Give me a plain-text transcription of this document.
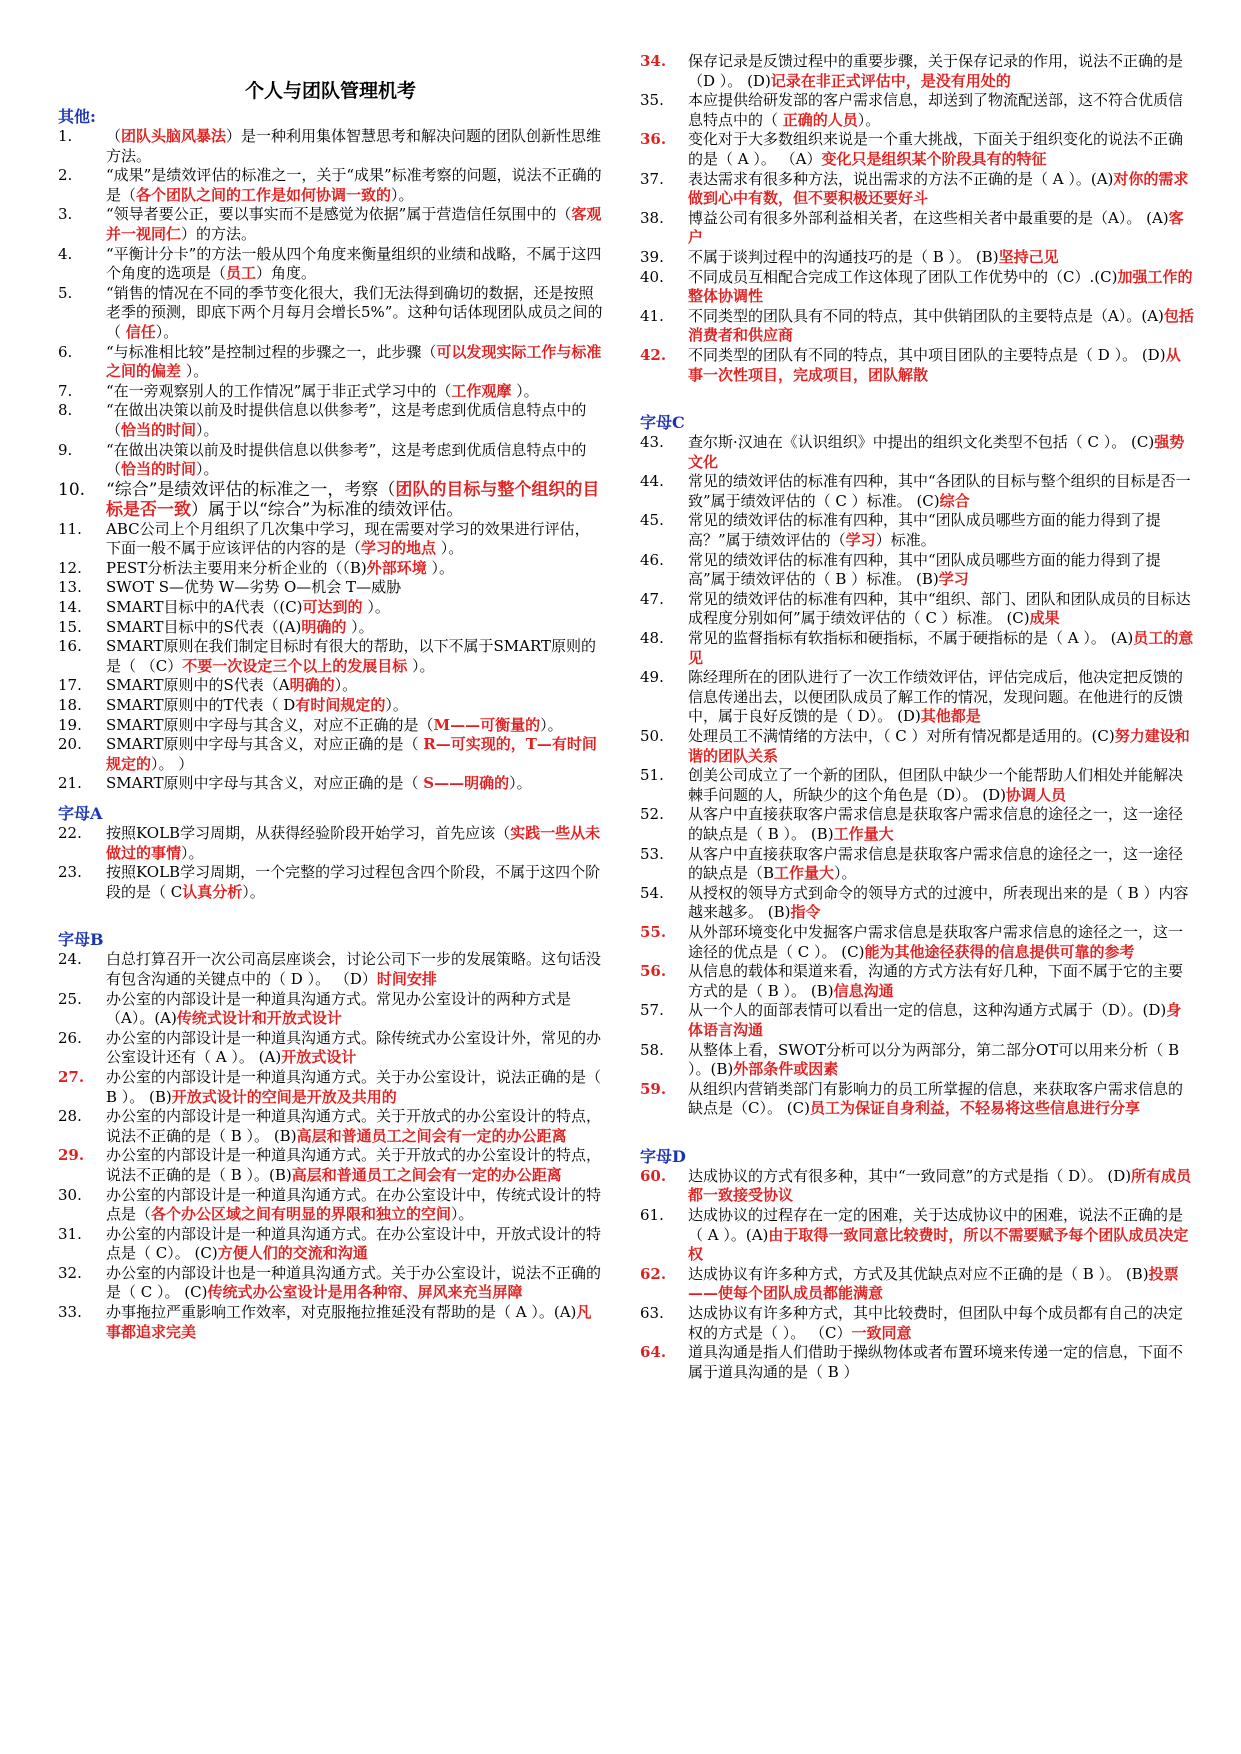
个人与团队管理机考
其他:
1. （团队头脑风暴法）是一种利用集体智慧思考和解决问题的团队创新性思维方法。
2. “成果”是绩效评估的标准之一，关于“成果”标准考察的问题，说法不正确的是（各个团队之间的工作是如何协调一致的）。
3. “领导者要公正，要以事实而不是感觉为依据”属于营造信任氛围中的（客观并一视同仁）的方法。
4. “平衡计分卡”的方法一般从四个角度来衡量组织的业绩和战略，不属于这四个角度的选项是（员工）角度。
5. “销售的情况在不同的季节变化很大，我们无法得到确切的数据，还是按照老季的预测，即底下两个月每月会增长5%”。这种句话体现团队成员之间的（ 信任）。
6. “与标准相比较”是控制过程的步骤之一，此步骤（可以发现实际工作与标准之间的偏差 ）。
7. “在一旁观察别人的工作情况”属于非正式学习中的（工作观摩 ）。
8. “在做出决策以前及时提供信息以供参考”，这是考虑到优质信息特点中的（恰当的时间）。
9. “在做出决策以前及时提供信息以供参考”，这是考虑到优质信息特点中的（恰当的时间）。
10. “综合”是绩效评估的标准之一，考察（团队的目标与整个组织的目标是否一致）属于以“综合”为标准的绩效评估。
11. ABC公司上个月组织了几次集中学习，现在需要对学习的效果进行评估，下面一般不属于应该评估的内容的是（学习的地点 ）。
12. PEST分析法主要用来分析企业的（（B)外部环境 ）。
13. SWOT S—优势 W—劣势 O—机会 T—威胁
14. SMART目标中的A代表（(C)可达到的 ）。
15. SMART目标中的S代表（(A)明确的 ）。
16. SMART原则在我们制定目标时有很大的帮助，以下不属于SMART原则的是（ （C）不要一次设定三个以上的发展目标 ）。
17. SMART原则中的S代表（A明确的）。
18. SMART原则中的T代表（ D有时间规定的）。
19. SMART原则中字母与其含义，对应不正确的是（M——可衡量的）。
20. SMART原则中字母与其含义，对应正确的是（ R—可实现的，T—有时间规定的）。 ）
21. SMART原则中字母与其含义，对应正确的是（ S——明确的）。
字母A
22. 按照KOLB学习周期，从获得经验阶段开始学习，首先应该（实践一些从未做过的事情）。
23. 按照KOLB学习周期，一个完整的学习过程包含四个阶段，不属于这四个阶段的是（ C认真分析）。
字母B
24. 白总打算召开一次公司高层座谈会，讨论公司下一步的发展策略。这句话没有包含沟通的关键点中的（ D ）。 （D）时间安排
25. 办公室的内部设计是一种道具沟通方式。常见办公室设计的两种方式是（A）。(A)传统式设计和开放式设计
26. 办公室的内部设计是一种道具沟通方式。除传统式办公室设计外，常见的办公室设计还有（ A ）。 (A)开放式设计
27. 办公室的内部设计是一种道具沟通方式。关于办公室设计，说法正确的是（ B ）。 (B)开放式设计的空间是开放及共用的
28. 办公室的内部设计是一种道具沟通方式。关于开放式的办公室设计的特点，说法不正确的是（ B ）。 (B)高层和普通员工之间会有一定的办公距离
29. 办公室的内部设计是一种道具沟通方式。关于开放式的办公室设计的特点，说法不正确的是（ B ）。(B)高层和普通员工之间会有一定的办公距离
30. 办公室的内部设计是一种道具沟通方式。在办公室设计中，传统式设计的特点是（各个办公区域之间有明显的界限和独立的空间）。
31. 办公室的内部设计是一种道具沟通方式。在办公室设计中，开放式设计的特点是（ C）。 (C)方便人们的交流和沟通
32. 办公室的内部设计也是一种道具沟通方式。关于办公室设计，说法不正确的是（ C ）。 (C)传统式办公室设计是用各种帘、屏风来充当屏障
33. 办事拖拉严重影响工作效率，对克服拖拉推延没有帮助的是（ A ）。(A)凡事都追求完美
34. 保存记录是反馈过程中的重要步骤，关于保存记录的作用，说法不正确的是（D ）。 (D)记录在非正式评估中，是没有用处的
35. 本应提供给研发部的客户需求信息，却送到了物流配送部，这不符合优质信息特点中的（ 正确的人员）。
36. 变化对于大多数组织来说是一个重大挑战，下面关于组织变化的说法不正确的是（ A ）。 （A）变化只是组织某个阶段具有的特征
37. 表达需求有很多种方法，说出需求的方法不正确的是（ A ）。(A)对你的需求做到心中有数，但不要积极还要好斗
38. 博益公司有很多外部利益相关者，在这些相关者中最重要的是（A）。 (A)客户
39. 不属于谈判过程中的沟通技巧的是（ B ）。 (B)坚持己见
40. 不同成员互相配合完成工作这体现了团队工作优势中的（C）.(C)加强工作的整体协调性
41. 不同类型的团队具有不同的特点，其中供销团队的主要特点是（A）。(A)包括消费者和供应商
42. 不同类型的团队有不同的特点，其中项目团队的主要特点是（ D ）。 (D)从事一次性项目，完成项目，团队解散
字母C
43. 查尔斯·汉迪在《认识组织》中提出的组织文化类型不包括（ C ）。 (C)强势文化
44. 常见的绩效评估的标准有四种，其中“各团队的目标与整个组织的目标是否一致”属于绩效评估的（ C ）标准。 (C)综合
45. 常见的绩效评估的标准有四种，其中“团队成员哪些方面的能力得到了提高？”属于绩效评估的（学习）标准。
46. 常见的绩效评估的标准有四种，其中“团队成员哪些方面的能力得到了提高”属于绩效评估的（ B ）标准。 (B)学习
47. 常见的绩效评估的标准有四种，其中“组织、部门、团队和团队成员的目标达成程度分别如何”属于绩效评估的（ C ）标准。 (C)成果
48. 常见的监督指标有软指标和硬指标，不属于硬指标的是（ A ）。 (A)员工的意见
49. 陈经理所在的团队进行了一次工作绩效评估，评估完成后，他决定把反馈的信息传递出去，以便团队成员了解工作的情况，发现问题。在他进行的反馈中，属于良好反馈的是（ D）。 (D)其他都是
50. 处理员工不满情绪的方法中，（ C ）对所有情况都是适用的。(C)努力建设和谐的团队关系
51. 创美公司成立了一个新的团队，但团队中缺少一个能帮助人们相处并能解决棘手问题的人，所缺少的这个角色是（D）。 (D)协调人员
52. 从客户中直接获取客户需求信息是获取客户需求信息的途径之一，这一途径的缺点是（ B ）。 (B)工作量大
53. 从客户中直接获取客户需求信息是获取客户需求信息的途径之一，这一途径的缺点是（B工作量大）。
54. 从授权的领导方式到命令的领导方式的过渡中，所表现出来的是（ B ）内容越来越多。 (B)指令
55. 从外部环境变化中发掘客户需求信息是获取客户需求信息的途径之一，这一途径的优点是（ C ）。 (C)能为其他途径获得的信息提供可靠的参考
56. 从信息的载体和渠道来看，沟通的方式方法有好几种，下面不属于它的主要方式的是（ B ）。 (B)信息沟通
57. 从一个人的面部表情可以看出一定的信息，这种沟通方式属于（D）。(D)身体语言沟通
58. 从整体上看，SWOT分析可以分为两部分，第二部分OT可以用来分析（ B ）。(B)外部条件或因素
59. 从组织内营销类部门有影响力的员工所掌握的信息，来获取客户需求信息的缺点是（C）。 (C)员工为保证自身利益，不轻易将这些信息进行分享
字母D
60. 达成协议的方式有很多种，其中“一致同意”的方式是指（ D）。 (D)所有成员都一致接受协议
61. 达成协议的过程存在一定的困难，关于达成协议中的困难，说法不正确的是（ A ）。(A)由于取得一致同意比较费时，所以不需要赋予每个团队成员决定权
62. 达成协议有许多种方式，方式及其优缺点对应不正确的是（ B ）。 (B)投票——使每个团队成员都能满意
63. 达成协议有许多种方式，其中比较费时，但团队中每个成员都有自己的决定权的方式是（ ）。 （C）一致同意
64. 道具沟通是指人们借助于操纵物体或者布置环境来传递一定的信息，下面不属于道具沟通的是（ B ）
